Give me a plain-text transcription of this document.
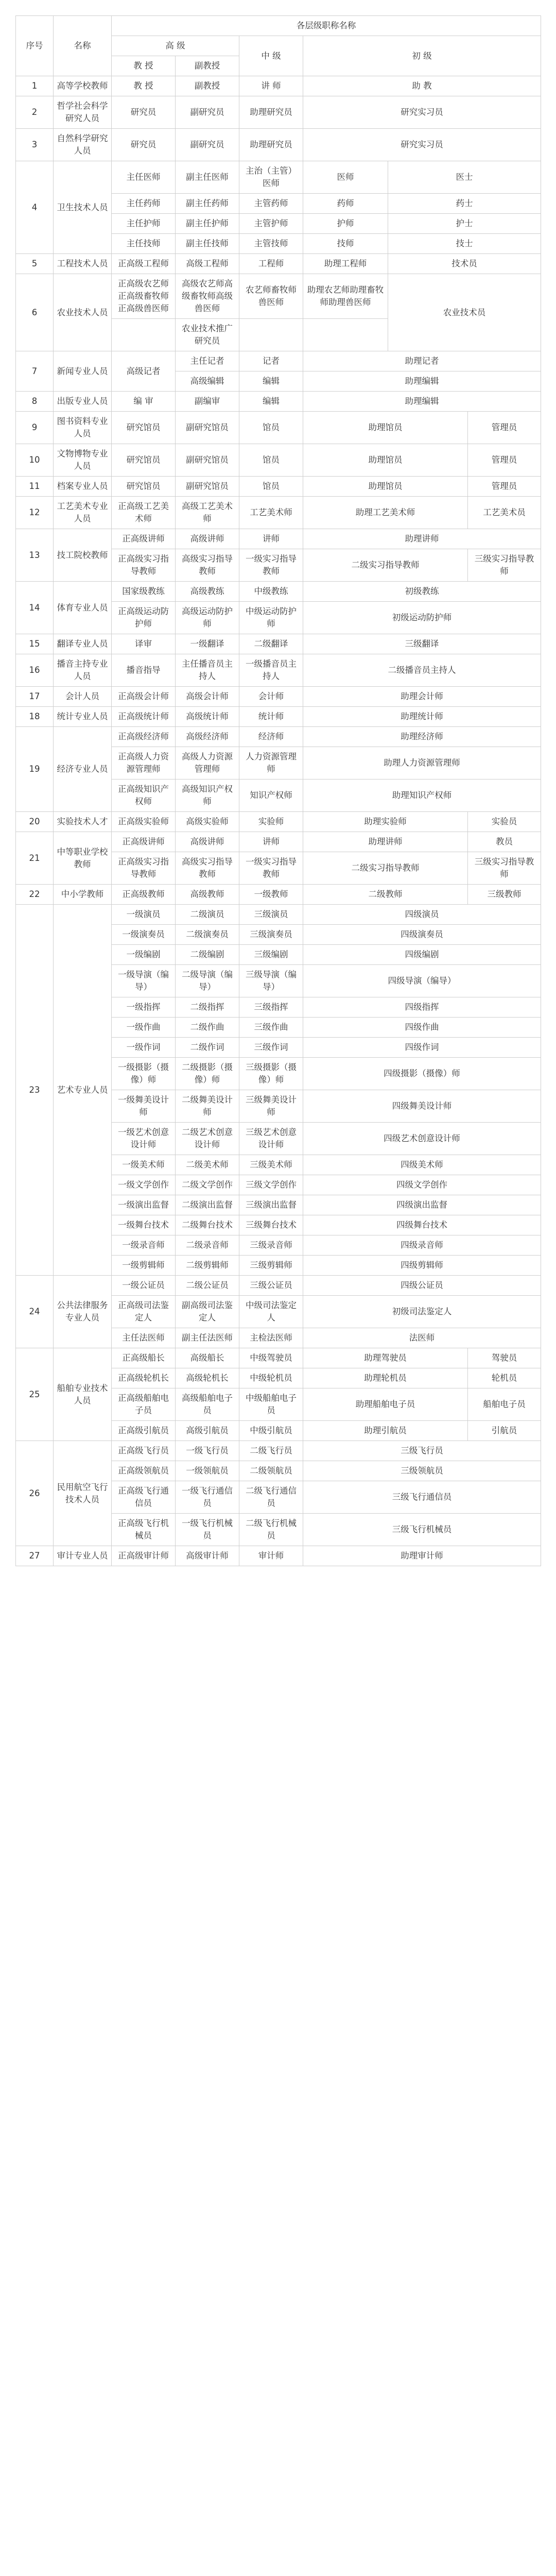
序号	名称	各层级职称名称					
		高 级		中 级	初 级		
		教 授	副教授				
1	高等学校教师	教 授	副教授	讲 师	助 教		
2	哲学社会科学研究人员	研究员	副研究员	助理研究员	研究实习员		
3	自然科学研究人员	研究员	副研究员	助理研究员	研究实习员		
4	卫生技术人员	主任医师	副主任医师	主治（主管）医师	医师	医士	
		主任药师	副主任药师	主管药师	药师	药士	
		主任护师	副主任护师	主管护师	护师	护士	
		主任技师	副主任技师	主管技师	技师	技士	
5	工程技术人员	正高级工程师	高级工程师	工程师	助理工程师	技术员	
6	农业技术人员	正高级农艺师正高级畜牧师正高级兽医师	高级农艺师高级畜牧师高级兽医师	农艺师畜牧师兽医师	助理农艺师助理畜牧师助理兽医师	农业技术员	
			农业技术推广研究员				
7	新闻专业人员	高级记者	主任记者	记者	助理记者		
			高级编辑	编辑	助理编辑		
8	出版专业人员	编 审	副编审	编辑	助理编辑		
9	图书资料专业人员	研究馆员	副研究馆员	馆员	助理馆员		管理员
10	文物博物专业人员	研究馆员	副研究馆员	馆员	助理馆员		管理员
11	档案专业人员	研究馆员	副研究馆员	馆员	助理馆员		管理员
12	工艺美术专业人员	正高级工艺美术师	高级工艺美术师	工艺美术师	助理工艺美术师		工艺美术员
13	技工院校教师	正高级讲师	高级讲师	讲师	助理讲师		
		正高级实习指导教师	高级实习指导教师	一级实习指导教师	二级实习指导教师		三级实习指导教师
14	体育专业人员	国家级教练	高级教练	中级教练	初级教练		
		正高级运动防护师	高级运动防护师	中级运动防护师	初级运动防护师		
15	翻译专业人员	译审	一级翻译	二级翻译	三级翻译		
16	播音主持专业人员	播音指导	主任播音员主持人	一级播音员主持人	二级播音员主持人		
17	会计人员	正高级会计师	高级会计师	会计师	助理会计师		
18	统计专业人员	正高级统计师	高级统计师	统计师	助理统计师		
19	经济专业人员	正高级经济师	高级经济师	经济师	助理经济师		
		正高级人力资源管理师	高级人力资源管理师	人力资源管理师	助理人力资源管理师		
		正高级知识产权师	高级知识产权师	知识产权师	助理知识产权师		
20	实验技术人才	正高级实验师	高级实验师	实验师	助理实验师		实验员
21	中等职业学校教师	正高级讲师	高级讲师	讲师	助理讲师		教员
		正高级实习指导教师	高级实习指导教师	一级实习指导教师	二级实习指导教师		三级实习指导教师
22	中小学教师	正高级教师	高级教师	一级教师	二级教师		三级教师
23	艺术专业人员	一级演员	二级演员	三级演员	四级演员		
		一级演奏员	二级演奏员	三级演奏员	四级演奏员		
		一级编剧	二级编剧	三级编剧	四级编剧		
		一级导演（编导）	二级导演（编导）	三级导演（编导）	四级导演（编导）		
		一级指挥	二级指挥	三级指挥	四级指挥		
		一级作曲	二级作曲	三级作曲	四级作曲		
		一级作词	二级作词	三级作词	四级作词		
		一级摄影（摄像）师	二级摄影（摄像）师	三级摄影（摄像）师	四级摄影（摄像）师		
		一级舞美设计师	二级舞美设计师	三级舞美设计师	四级舞美设计师		
		一级艺术创意设计师	二级艺术创意设计师	三级艺术创意设计师	四级艺术创意设计师		
		一级美术师	二级美术师	三级美术师	四级美术师		
		一级文学创作	二级文学创作	三级文学创作	四级文学创作		
		一级演出监督	二级演出监督	三级演出监督	四级演出监督		
		一级舞台技术	二级舞台技术	三级舞台技术	四级舞台技术		
		一级录音师	二级录音师	三级录音师	四级录音师		
		一级剪辑师	二级剪辑师	三级剪辑师	四级剪辑师		
24	公共法律服务专业人员	一级公证员	二级公证员	三级公证员	四级公证员		
		正高级司法鉴定人	副高级司法鉴定人	中级司法鉴定人	初级司法鉴定人		
		主任法医师	副主任法医师	主检法医师	法医师		
25	船舶专业技术人员	正高级船长	高级船长	中级驾驶员	助理驾驶员		驾驶员
		正高级轮机长	高级轮机长	中级轮机员	助理轮机员		轮机员
		正高级船舶电子员	高级船舶电子员	中级船舶电子员	助理船舶电子员		船舶电子员
		正高级引航员	高级引航员	中级引航员	助理引航员		引航员
26	民用航空飞行技术人员	正高级飞行员	一级飞行员	二级飞行员	三级飞行员		
		正高级领航员	一级领航员	二级领航员	三级领航员		
		正高级飞行通信员	一级飞行通信员	二级飞行通信员	三级飞行通信员		
		正高级飞行机械员	一级飞行机械员	二级飞行机械员	三级飞行机械员		
27	审计专业人员	正高级审计师	高级审计师	审计师	助理审计师		
